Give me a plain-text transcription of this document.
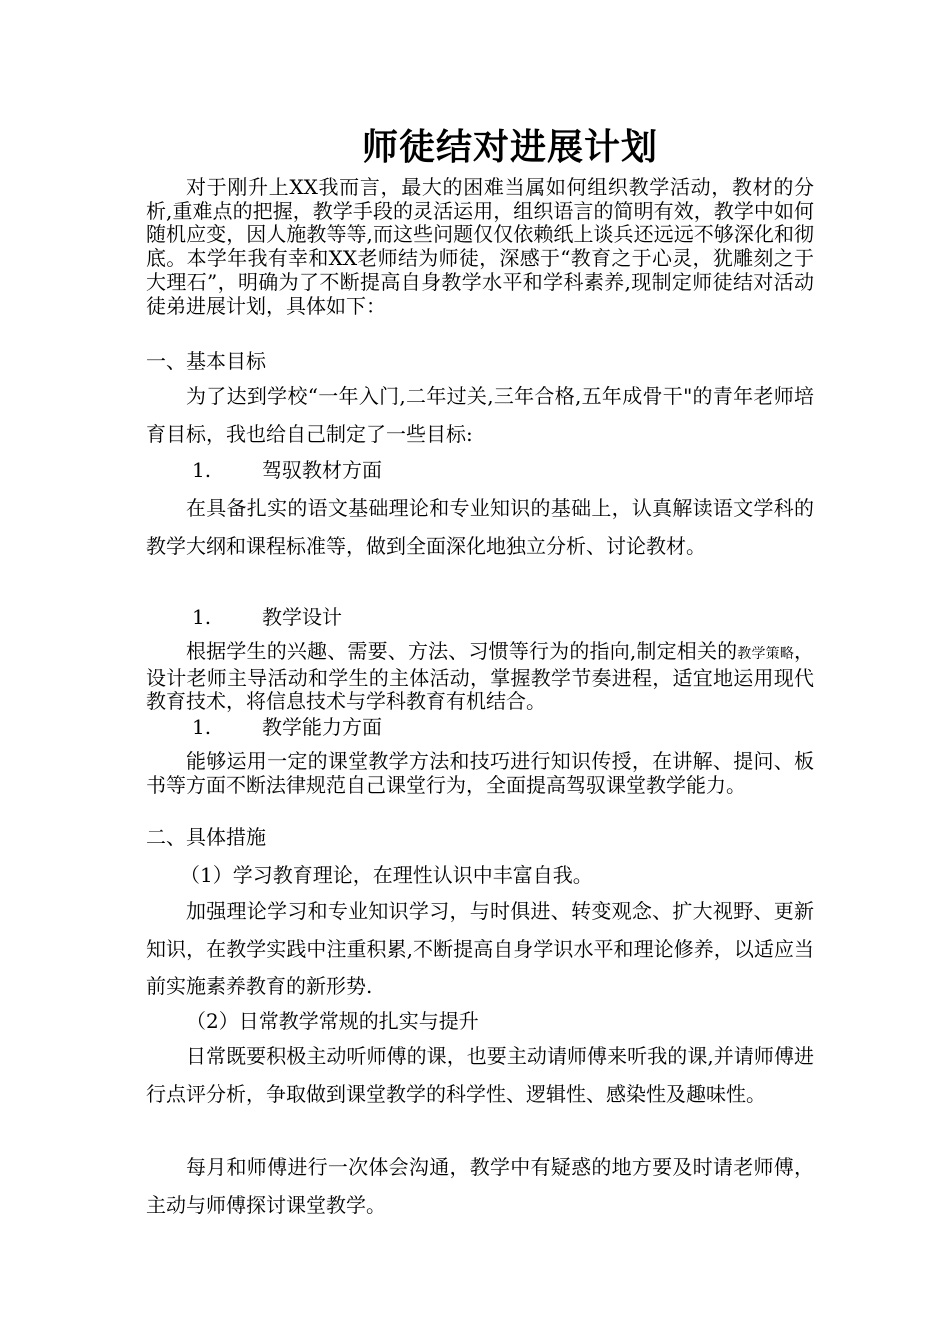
师徒结对进展计划
对于刚升上XX我而言，最大的困难当属如何组织教学活动，教材的分析,重难点的把握，教学手段的灵活运用，组织语言的简明有效，教学中如何随机应变，因人施教等等,而这些问题仅仅依赖纸上谈兵还远远不够深化和彻底。本学年我有幸和XX老师结为师徒，深感于“教育之于心灵，犹雕刻之于大理石”，明确为了不断提高自身教学水平和学科素养,现制定师徒结对活动徒弟进展计划，具体如下：
一、基本目标
为了达到学校“一年入门,二年过关,三年合格,五年成骨干"的青年老师培育目标，我也给自己制定了一些目标:
1.	驾驭教材方面
在具备扎实的语文基础理论和专业知识的基础上，认真解读语文学科的教学大纲和课程标准等，做到全面深化地独立分析、讨论教材。
1.	教学设计
根据学生的兴趣、需要、方法、习惯等行为的指向,制定相关的教学策略，设计老师主导活动和学生的主体活动，掌握教学节奏进程，适宜地运用现代教育技术，将信息技术与学科教育有机结合。
1.	教学能力方面
能够运用一定的课堂教学方法和技巧进行知识传授，在讲解、提问、板书等方面不断法律规范自己课堂行为，全面提高驾驭课堂教学能力。
二、具体措施
（1）学习教育理论，在理性认识中丰富自我。
加强理论学习和专业知识学习，与时俱进、转变观念、扩大视野、更新知识，在教学实践中注重积累,不断提高自身学识水平和理论修养，以适应当前实施素养教育的新形势.
（2）日常教学常规的扎实与提升
日常既要积极主动听师傅的课，也要主动请师傅来听我的课,并请师傅进行点评分析，争取做到课堂教学的科学性、逻辑性、感染性及趣味性。
每月和师傅进行一次体会沟通，教学中有疑惑的地方要及时请老师傅，主动与师傅探讨课堂教学。
